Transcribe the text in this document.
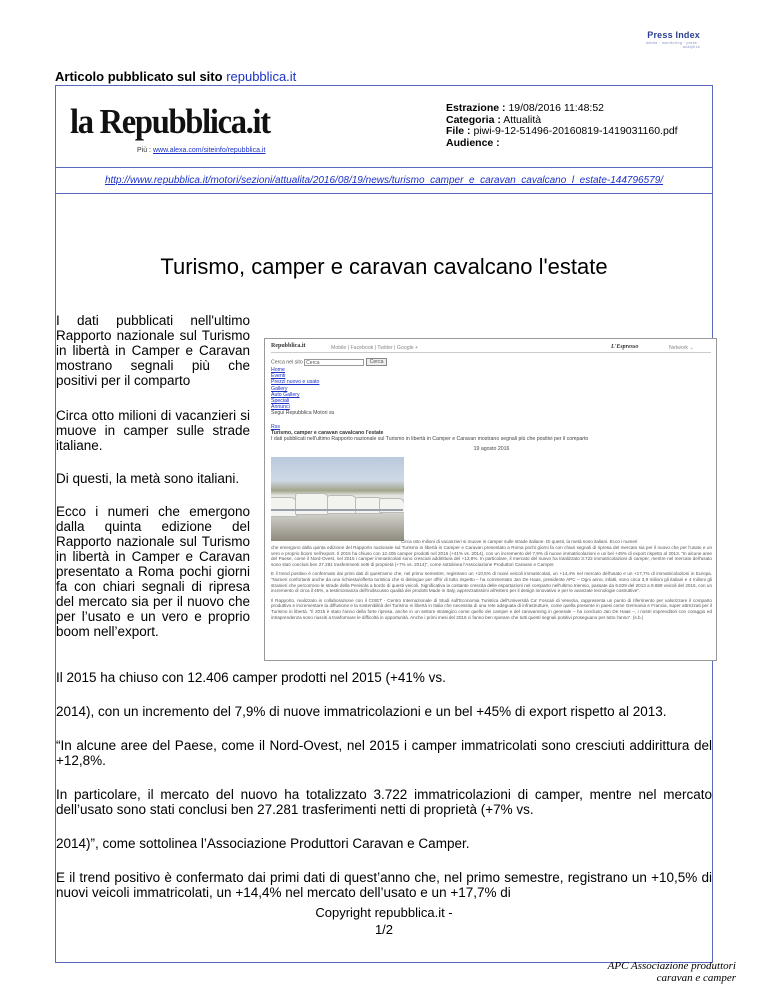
Press Index
media · monitoring · press · analytics
Articolo pubblicato sul sito repubblica.it
la Repubblica.it
Più : www.alexa.com/siteinfo/repubblica.it
Estrazione : 19/08/2016 11:48:52
Categoria : Attualità
File : piwi-9-12-51496-20160819-1419031160.pdf
Audience :
http://www.repubblica.it/motori/sezioni/attualita/2016/08/19/news/turismo_camper_e_caravan_cavalcano_l_estate-144796579/
Turismo, camper e caravan cavalcano l'estate

I dati pubblicati nell'ultimo Rapporto nazionale sul Turismo in libertà in Camper e Caravan mostrano segnali più che positivi per il comparto

Circa otto milioni di vacanzieri si muove in camper sulle strade italiane.

Di questi, la metà sono italiani.

Ecco i numeri che emergono dalla quinta edizione del Rapporto nazionale sul Turismo in libertà in Camper e Caravan presentato a Roma pochi giorni fa con chiari segnali di ripresa del mercato sia per il nuovo che per l’usato e un vero e proprio boom nell’export.

Repubblica.it	Mobile | Facebook | Twitter | Google +	L'Espresso	Network ⌄
Cerca nel sito Cerca	Cerca
Home
Eventi
Prezzi nuovo e usato
Gallery
Auto Gallery
Speciali
Annunci
Segui Repubblica Motori su
Rss
Turismo, camper e caravan cavalcano l'estate
I dati pubblicati nell'ultimo Rapporto nazionale sul Turismo in libertà in Camper e Caravan mostrano segnali più che positivi per il comparto
19 agosto 2016
Circa otto milioni di vacanzieri si muove in camper sulle strade italiane. Di questi, la metà sono italiani. Ecco i numeri

che emergono dalla quinta edizione del Rapporto nazionale sul Turismo in libertà in Camper e Caravan presentato a Roma pochi giorni fa con chiari segnali di ripresa del mercato sia per il nuovo che per l'usato e un vero e proprio boom nell'export. Il 2015 ha chiuso con 12.406 camper prodotti nel 2015 (+41% vs. 2014), con un incremento del 7,9% di nuove immatricolazioni e un bel +45% di export rispetto al 2013. “In alcune aree del Paese, come il Nord-Ovest, nel 2015 i camper immatricolati sono cresciuti addirittura del +12,8%. In particolare, il mercato del nuovo ha totalizzato 3.722 immatricolazioni di camper, mentre nel mercato dell'usato sono stati conclusi ben 27.281 trasferimenti netti di proprietà (+7% vs. 2014)”, come sottolinea l'Associazione Produttori Caravan e Camper.

E il trend positivo è confermato dai primi dati di quest'anno che, nel primo semestre, registrano un +10,5% di nuovi veicoli immatricolati, un +14,4% nel mercato dell'usato e un +17,7% di immatricolazioni in Europa. “Numeri confortanti anche da una richiesta/offerta turistica che si distingue per offrir di tutto rispetto – ha commentato Jan De Haas, presidente APC – Ogni anno, infatti, sono circa 3,9 milioni gli italiani e 4 milioni gli stranieri che percorrono le strade della Penisola a bordo di questi veicoli. Significativa la costante crescita delle esportazioni nel comparto nell'ultimo triennio, passate da 6.829 del 2013 a 9.659 veicoli del 2015, con un incremento di circa il 45%, a testimonianza dell'indiscusso qualità dei prodotti Made in Italy, apprezzatissimi all'estero per il design innovativo e per le avanzate tecnologie costruttive”.

Il Rapporto, realizzato in collaborazione con il CISET - Centro Internazionale di Studi sull'Economia Turistica dell'Università Ca' Foscari di Venezia, rappresenta un punto di riferimento per valorizzare il comparto produttivo e incrementare la diffusione e la sostenibilità del Turismo in libertà in Italia che necessita di una rete adeguata di infrastrutture, come quella presente in paesi come Germania e Francia, super attrezzati per il Turismo in libertà. “Il 2015 è stato l'anno della forte ripresa, anche in un settore strategico come quello dei camper e del caravanning in generale – ha concluso Jan De Haas –, i nostri imprenditori con coraggio ed intraprendenza sono riusciti a trasformare le difficoltà in opportunità. Anche i primi mesi del 2016 ci fanno ben sperare che tutti questi segnali positivi proseguano per tutto l'anno”. (s.b.)

Il 2015 ha chiuso con 12.406 camper prodotti nel 2015 (+41% vs.

2014), con un incremento del 7,9% di nuove immatricolazioni e un bel +45% di export rispetto al 2013.

“In alcune aree del Paese, come il Nord-Ovest, nel 2015 i camper immatricolati sono cresciuti addirittura del +12,8%.

In particolare, il mercato del nuovo ha totalizzato 3.722 immatricolazioni di camper, mentre nel mercato dell’usato sono stati conclusi ben 27.281 trasferimenti netti di proprietà (+7% vs.

2014)”, come sottolinea l’Associazione Produttori Caravan e Camper.

E il trend positivo è confermato dai primi dati di quest’anno che, nel primo semestre, registrano un +10,5% di nuovi veicoli immatricolati, un +14,4% nel mercato dell’usato e un +17,7% di

Copyright repubblica.it -
1/2
APC Associazione produttori
caravan e camper
